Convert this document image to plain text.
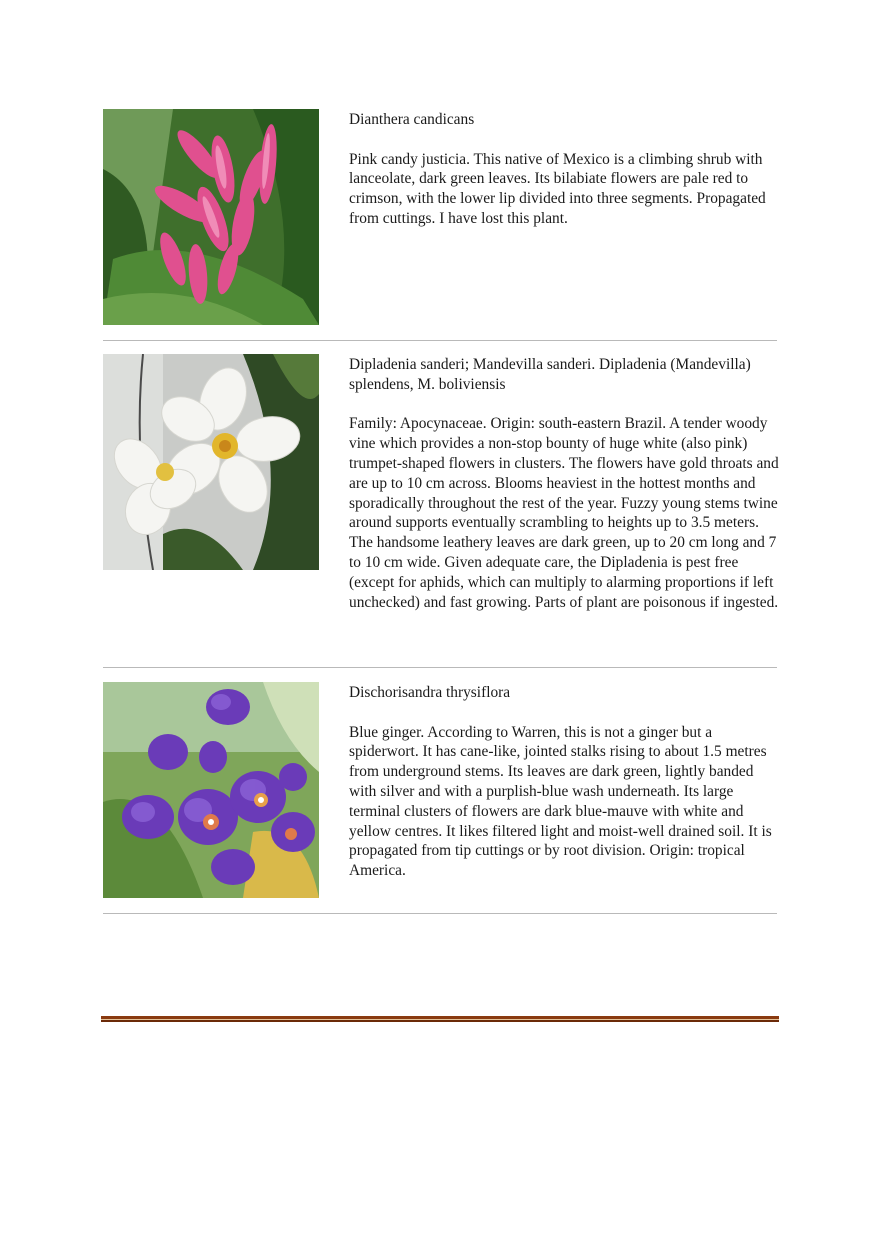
Dianthera candicans

Pink candy justicia. This native of Mexico is a climbing shrub with lanceolate, dark green leaves. Its bilabiate flowers are pale red to crimson, with the lower lip divided into three segments. Propagated from cuttings. I have lost this plant.

Dipladenia sanderi; Mandevilla sanderi. Dipladenia (Mandevilla) splendens, M. boliviensis

Family: Apocynaceae. Origin: south-eastern Brazil. A tender woody vine which provides a non-stop bounty of huge white (also pink) trumpet-shaped flowers in clusters. The flowers have gold throats and are up to 10 cm across. Blooms heaviest in the hottest months and sporadically throughout the rest of the year. Fuzzy young stems twine around supports eventually scrambling to heights up to 3.5 meters. The handsome leathery leaves are dark green, up to 20 cm long and 7 to 10 cm wide. Given adequate care, the Dipladenia is pest free (except for aphids, which can multiply to alarming proportions if left unchecked) and fast growing. Parts of plant are poisonous if ingested.

Dischorisandra thrysiflora

Blue ginger. According to Warren, this is not a ginger but a spiderwort. It has cane-like, jointed stalks rising to about 1.5 metres from underground stems. Its leaves are dark green, lightly banded with silver and with a purplish-blue wash underneath. Its large terminal clusters of flowers are dark blue-mauve with white and yellow centres. It likes filtered light and moist-well drained soil. It is propagated from tip cuttings or by root division. Origin: tropical America.
